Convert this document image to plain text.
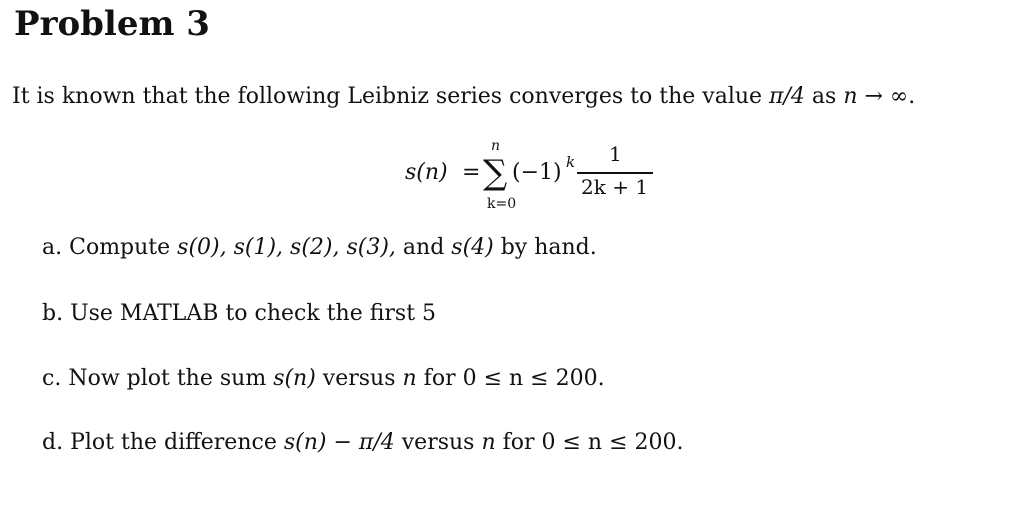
Problem 3
It is known that the following Leibniz series converges to the value π/4 as n → ∞.
s(n) =
n
∑
k=0
(−1) k 1
2k + 1
a. Compute s(0), s(1), s(2), s(3), and s(4) by hand.
b. Use MATLAB to check the first 5
c. Now plot the sum s(n) versus n for 0 ≤ n ≤ 200.
d. Plot the difference s(n) − π/4 versus n for 0 ≤ n ≤ 200.
